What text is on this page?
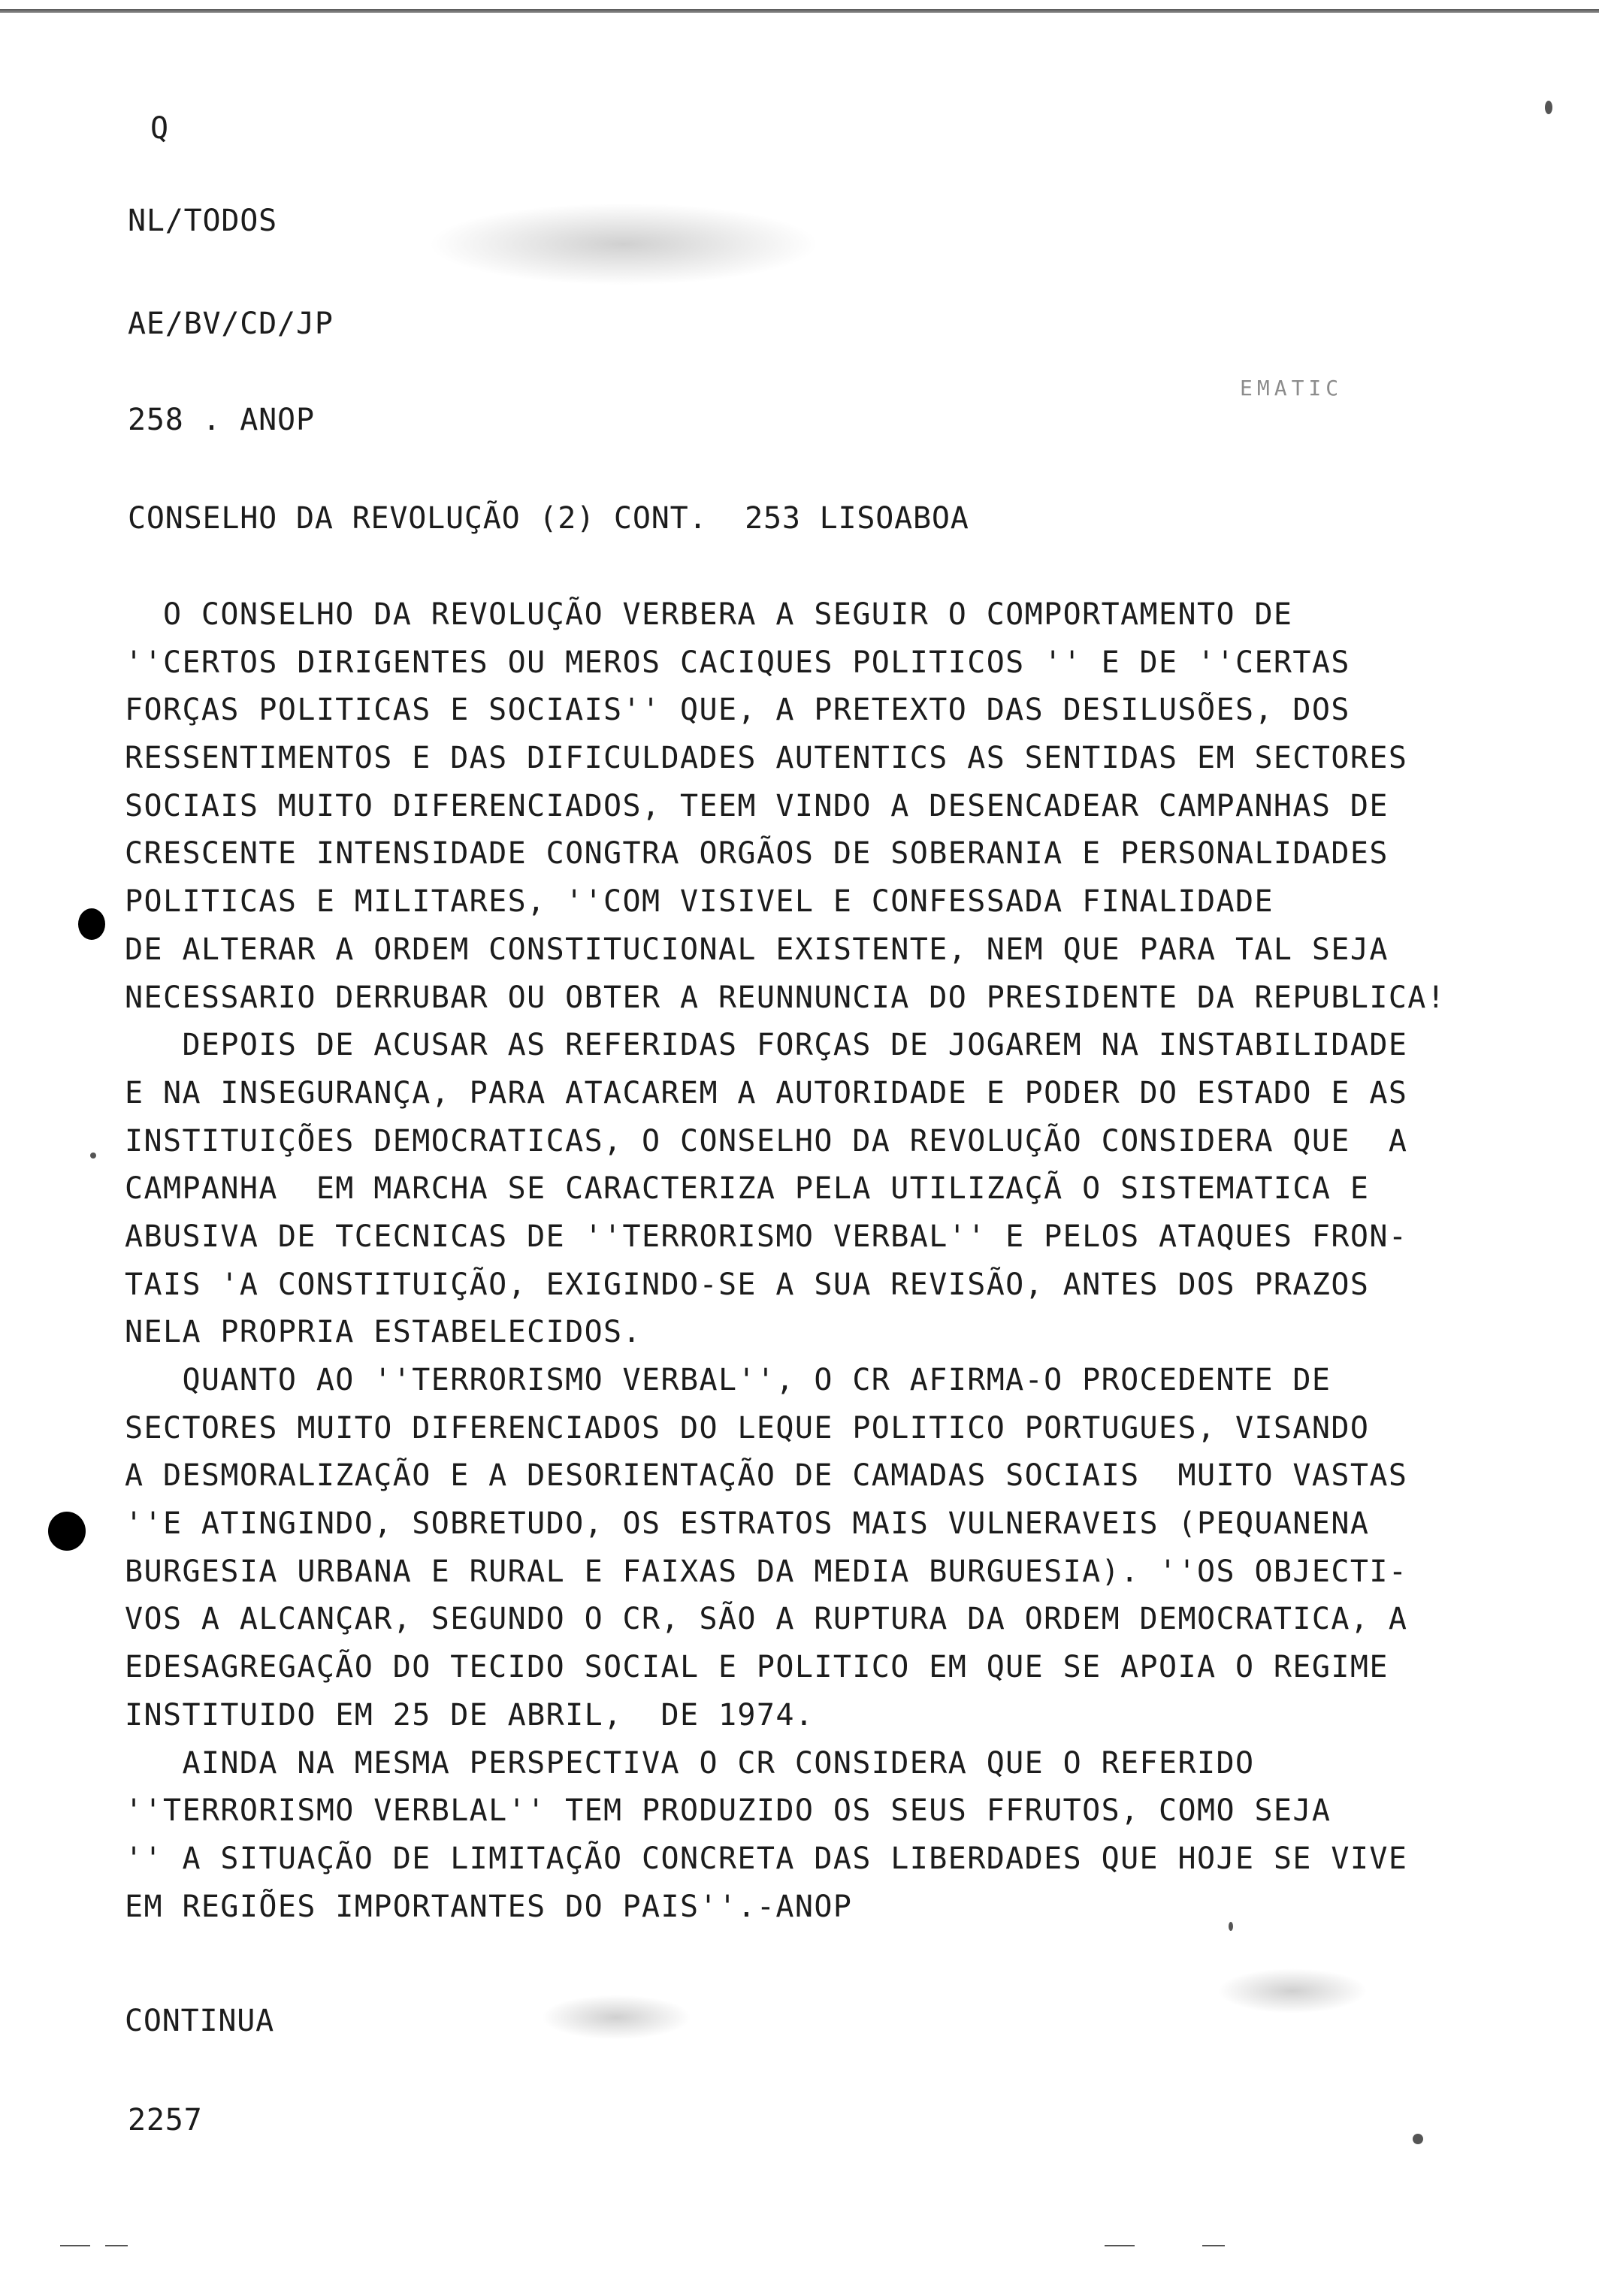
Q
NL/TODOS
AE/BV/CD/JP
258 . ANOP
EMATIC
CONSELHO DA REVOLUÇÃO (2) CONT.  253 LISOABOA
O CONSELHO DA REVOLUÇÃO VERBERA A SEGUIR O COMPORTAMENTO DE
''CERTOS DIRIGENTES OU MEROS CACIQUES POLITICOS '' E DE ''CERTAS
FORÇAS POLITICAS E SOCIAIS'' QUE, A PRETEXTO DAS DESILUSÕES, DOS
RESSENTIMENTOS E DAS DIFICULDADES AUTENTICS AS SENTIDAS EM SECTORES
SOCIAIS MUITO DIFERENCIADOS, TEEM VINDO A DESENCADEAR CAMPANHAS DE
CRESCENTE INTENSIDADE CONGTRA ORGÃOS DE SOBERANIA E PERSONALIDADES
POLITICAS E MILITARES, ''COM VISIVEL E CONFESSADA FINALIDADE
DE ALTERAR A ORDEM CONSTITUCIONAL EXISTENTE, NEM QUE PARA TAL SEJA
NECESSARIO DERRUBAR OU OBTER A REUNNUNCIA DO PRESIDENTE DA REPUBLICA!
DEPOIS DE ACUSAR AS REFERIDAS FORÇAS DE JOGAREM NA INSTABILIDADE
E NA INSEGURANÇA, PARA ATACAREM A AUTORIDADE E PODER DO ESTADO E AS
INSTITUIÇÕES DEMOCRATICAS, O CONSELHO DA REVOLUÇÃO CONSIDERA QUE  A
CAMPANHA  EM MARCHA SE CARACTERIZA PELA UTILIZAÇÃ O SISTEMATICA E
ABUSIVA DE TCECNICAS DE ''TERRORISMO VERBAL'' E PELOS ATAQUES FRON-
TAIS 'A CONSTITUIÇÃO, EXIGINDO-SE A SUA REVISÃO, ANTES DOS PRAZOS
NELA PROPRIA ESTABELECIDOS.
QUANTO AO ''TERRORISMO VERBAL'', O CR AFIRMA-O PROCEDENTE DE
SECTORES MUITO DIFERENCIADOS DO LEQUE POLITICO PORTUGUES, VISANDO
A DESMORALIZAÇÃO E A DESORIENTAÇÃO DE CAMADAS SOCIAIS  MUITO VASTAS
''E ATINGINDO, SOBRETUDO, OS ESTRATOS MAIS VULNERAVEIS (PEQUANENA
BURGESIA URBANA E RURAL E FAIXAS DA MEDIA BURGUESIA). ''OS OBJECTI-
VOS A ALCANÇAR, SEGUNDO O CR, SÃO A RUPTURA DA ORDEM DEMOCRATICA, A
EDESAGREGAÇÃO DO TECIDO SOCIAL E POLITICO EM QUE SE APOIA O REGIME
INSTITUIDO EM 25 DE ABRIL,  DE 1974.
AINDA NA MESMA PERSPECTIVA O CR CONSIDERA QUE O REFERIDO
''TERRORISMO VERBLAL'' TEM PRODUZIDO OS SEUS FFRUTOS, COMO SEJA
'' A SITUAÇÃO DE LIMITAÇÃO CONCRETA DAS LIBERDADES QUE HOJE SE VIVE
EM REGIÕES IMPORTANTES DO PAIS''.-ANOP
CONTINUA
2257
